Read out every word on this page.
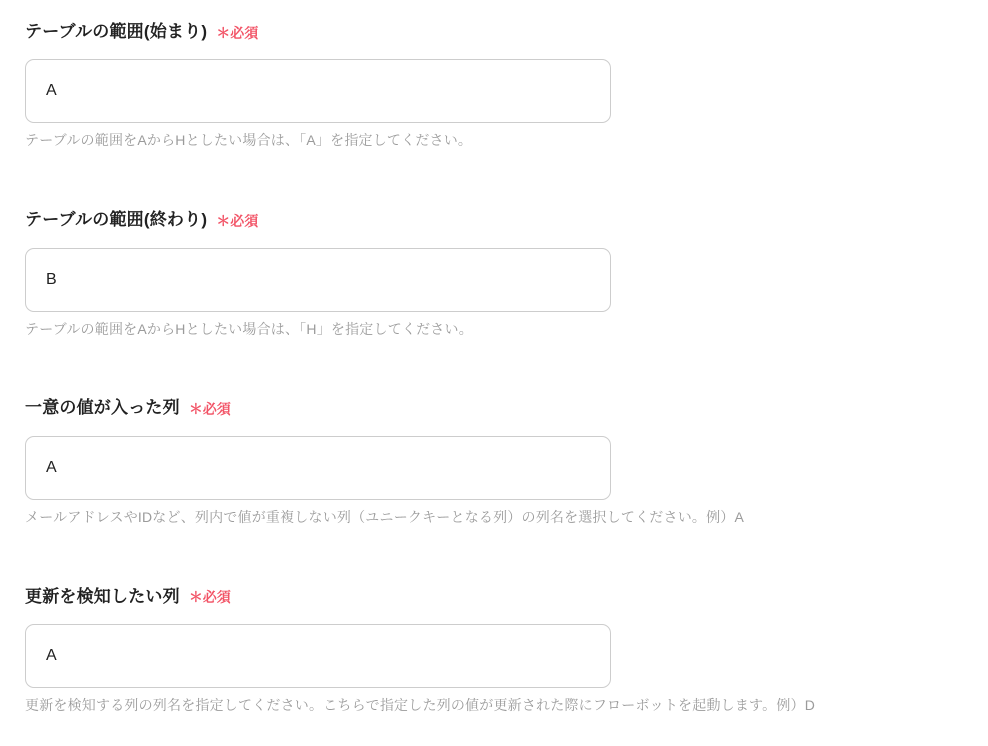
テーブルの範囲(始まり) ＊必須
A
テーブルの範囲をAからHとしたい場合は、「A」を指定してください。
テーブルの範囲(終わり) ＊必須
B
テーブルの範囲をAからHとしたい場合は、「H」を指定してください。
一意の値が入った列 ＊必須
A
メールアドレスやIDなど、列内で値が重複しない列（ユニークキーとなる列）の列名を選択してください。例）A
更新を検知したい列 ＊必須
A
更新を検知する列の列名を指定してください。こちらで指定した列の値が更新された際にフローボットを起動します。例）D
